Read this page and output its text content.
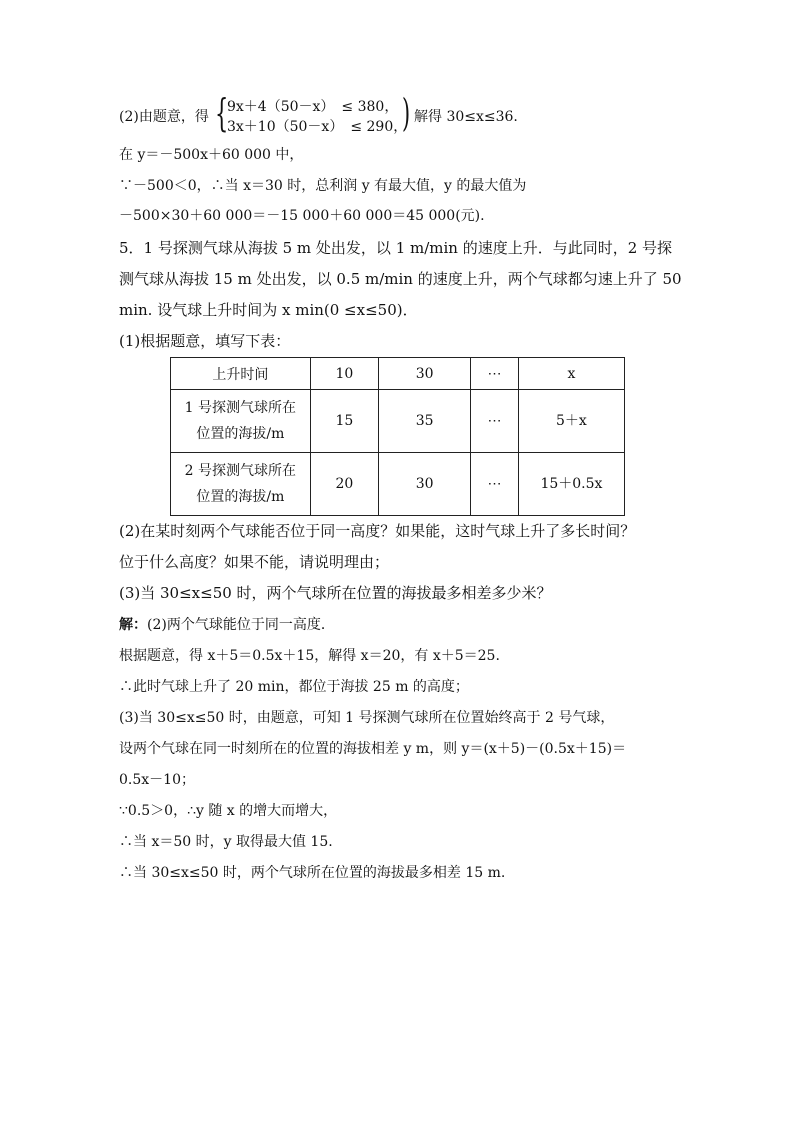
(2)由题意，得 {
9x＋4（50－x）　≤ 380，
3x＋10（50－x）　≤ 290，
) 解得 30≤x≤36.
在 y＝－500x＋60 000 中，
∵－500＜0，∴当 x＝30 时，总利润 y 有最大值，y 的最大值为
－500×30＋60 000＝－15 000＋60 000＝45 000(元).
5．1 号探测气球从海拔 5 m 处出发，以 1 m/min 的速度上升．与此同时，2 号探
测气球从海拔 15 m 处出发，以 0.5 m/min 的速度上升，两个气球都匀速上升了 50
min. 设气球上升时间为 x min(0 ≤x≤50)．
(1)根据题意，填写下表：
上升时间	10	30	⋯	x

1 号探测气球所在
位置的海拔/m	15	35	⋯	5＋x

2 号探测气球所在
位置的海拔/m	20	30	⋯	15＋0.5x
(2)在某时刻两个气球能否位于同一高度？如果能，这时气球上升了多长时间？
位于什么高度？如果不能，请说明理由；
(3)当 30≤x≤50 时，两个气球所在位置的海拔最多相差多少米？
解：(2)两个气球能位于同一高度．
根据题意，得 x＋5＝0.5x＋15，解得 x＝20，有 x＋5＝25.
∴此时气球上升了 20 min，都位于海拔 25 m 的高度；
(3)当 30≤x≤50 时，由题意，可知 1 号探测气球所在位置始终高于 2 号气球，
设两个气球在同一时刻所在的位置的海拔相差 y m，则 y＝(x＋5)－(0.5x＋15)＝
0.5x－10；
∵0.5＞0，∴y 随 x 的增大而增大，
∴当 x＝50 时，y 取得最大值 15.
∴当 30≤x≤50 时，两个气球所在位置的海拔最多相差 15 m.
